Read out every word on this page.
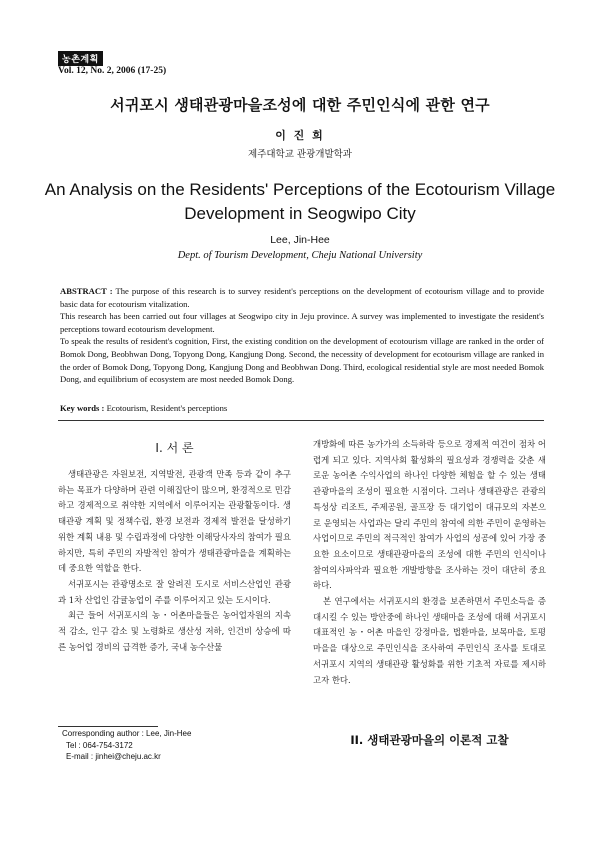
농촌계획
Vol. 12, No. 2, 2006 (17-25)
서귀포시 생태관광마을조성에 대한 주민인식에 관한 연구
이 진 희
제주대학교 관광개발학과
An Analysis on the Residents' Perceptions of the Ecotourism Village
Development in Seogwipo City
Lee, Jin-Hee
Dept. of Tourism Development, Cheju National University

ABSTRACT : The purpose of this research is to survey resident's perceptions on the development of ecotourism village and to provide basic data for ecotourism vitalization.

This research has been carried out four villages at Seogwipo city in Jeju province. A survey was implemented to investigate the resident's perceptions toward ecotourism development.

To speak the results of resident's cognition, First, the existing condition on the development of ecotourism village are ranked in the order of Bomok Dong, Beobhwan Dong, Topyong Dong, Kangjung Dong. Second, the necessity of development for ecotourism village are ranked in the order of Bomok Dong, Topyong Dong, Kangjung Dong and Beobhwan Dong. Third, ecological residential style are most needed Bomok Dong, and equilibrium of ecosystem are most needed Bomok Dong.

Key words : Ecotourism, Resident's perceptions
I. 서 론

생태관광은 자원보전, 지역발전, 관광객 만족 등과 같이 추구하는 목표가 다양하며 관련 이해집단이 많으며, 환경적으로 민감하고 경제적으로 취약한 지역에서 이루어지는 관광활동이다. 생태관광 계획 및 정책수립, 환경 보전과 경제적 발전을 달성하기 위한 계획 내용 및 수립과정에 다양한 이해당사자의 참여가 필요하지만, 특히 주민의 자발적인 참여가 생태관광마을을 계획하는데 중요한 역할을 한다.

서귀포시는 관광명소로 잘 알려진 도시로 서비스산업인 관광과 1차 산업인 감귤농업이 주를 이루어지고 있는 도시이다.

최근 들어 서귀포시의 농・어촌마을들은 농어업자원의 지속적 감소, 인구 감소 및 노령화로 생산성 저하, 인건비 상승에 따른 농어업 경비의 급격한 증가, 국내 농수산물

개방화에 따른 농가가의 소득하락 등으로 경제적 여건이 점차 어렵게 되고 있다. 지역사회 활성화의 필요성과 경쟁력을 갖춘 새로운 농어촌 수익사업의 하나인 다양한 체험을 할 수 있는 생태관광마을의 조성이 필요한 시점이다. 그러나 생태관광은 관광의 특성상 리조트, 주제공원, 골프장 등 대기업이 대규모의 자본으로 운영되는 사업과는 달리 주민의 참여에 의한 주민이 운영하는 사업이므로 주민의 적극적인 참여가 사업의 성공에 있어 가장 중요한 요소이므로 생태관광마을의 조성에 대한 주민의 인식이나 참여의사파악과 필요한 개발방향을 조사하는 것이 대단히 중요하다.

본 연구에서는 서귀포시의 환경을 보존하면서 주민소득을 증대시킬 수 있는 방안중에 하나인 생태마을 조성에 대해 서귀포시 대표적인 농・어촌 마을인 강정마을, 법환마을, 보목마을, 토평마을을 대상으로 주민인식을 조사하여 주민인식 조사를 토대로 서귀포시 지역의 생태관광 활성화를 위한 기초적 자료를 제시하고자 한다.

II. 생태관광마을의 이론적 고찰
Corresponding author : Lee, Jin-Hee
Tel : 064-754-3172
E-mail : jinhei@cheju.ac.kr
